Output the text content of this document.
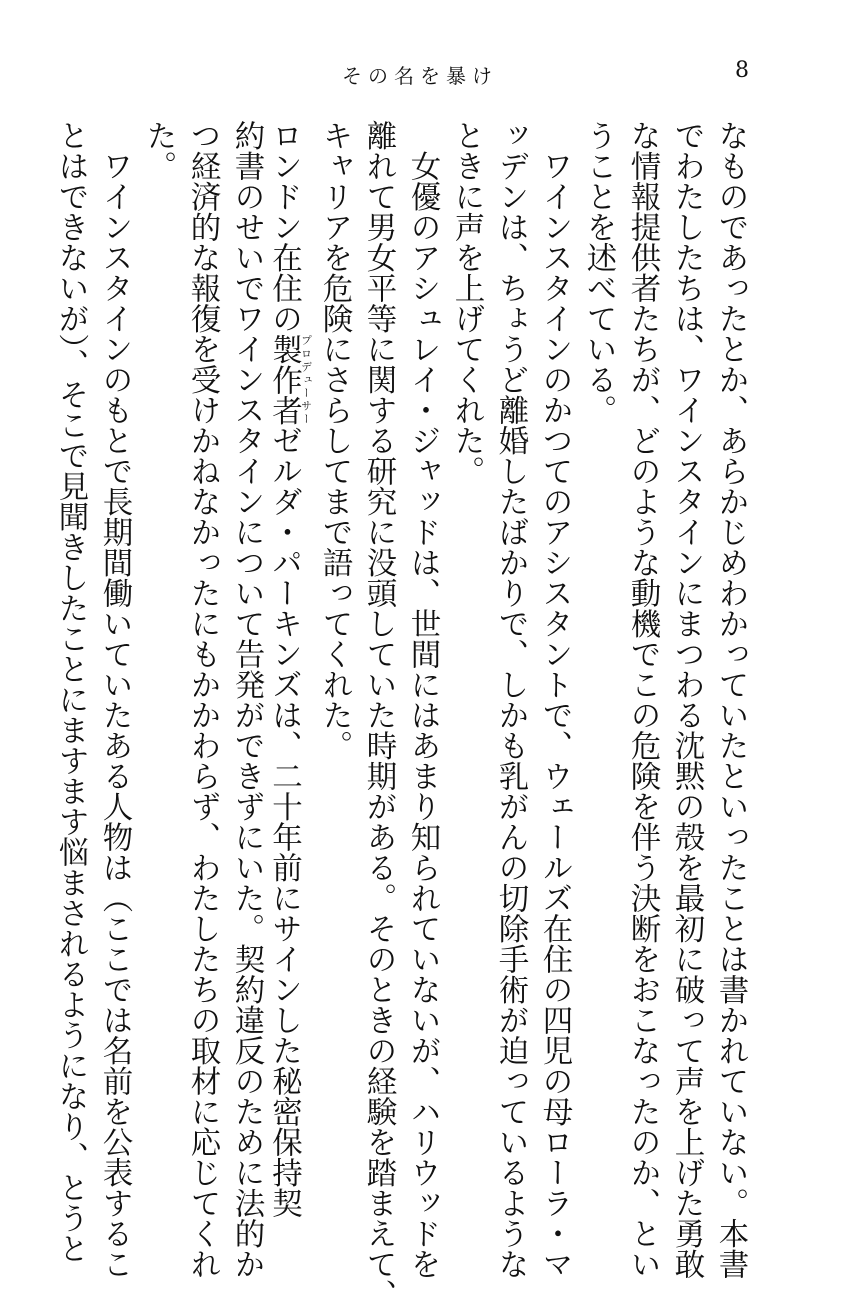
その名を暴け	8
なものであったとか、あらかじめわかっていたといったことは書かれていない。本書
でわたしたちは、ワインスタインにまつわる沈黙の殻を最初に破って声を上げた勇敢
な情報提供者たちが、どのような動機でこの危険を伴う決断をおこなったのか、とい
うことを述べている。
　ワインスタインのかつてのアシスタントで、ウェールズ在住の四児の母ローラ・マ
ッデンは、ちょうど離婚したばかりで、しかも乳がんの切除手術が迫っているような
ときに声を上げてくれた。
　女優のアシュレイ・ジャッドは、世間にはあまり知られていないが、ハリウッドを
離れて男女平等に関する研究に没頭していた時期がある。そのときの経験を踏まえて、
キャリアを危険にさらしてまで語ってくれた。
ロンドン在住の製作者プロデューサーゼルダ・パーキンズは、二十年前にサインした秘密保持契
約書のせいでワインスタインについて告発ができずにいた。契約違反のために法的か
つ経済的な報復を受けかねなかったにもかかわらず、わたしたちの取材に応じてくれ
た。
　ワインスタインのもとで長期間働いていたある人物は（ここでは名前を公表するこ
とはできないが）、そこで見聞きしたことにますます悩まされるようになり、とうと
